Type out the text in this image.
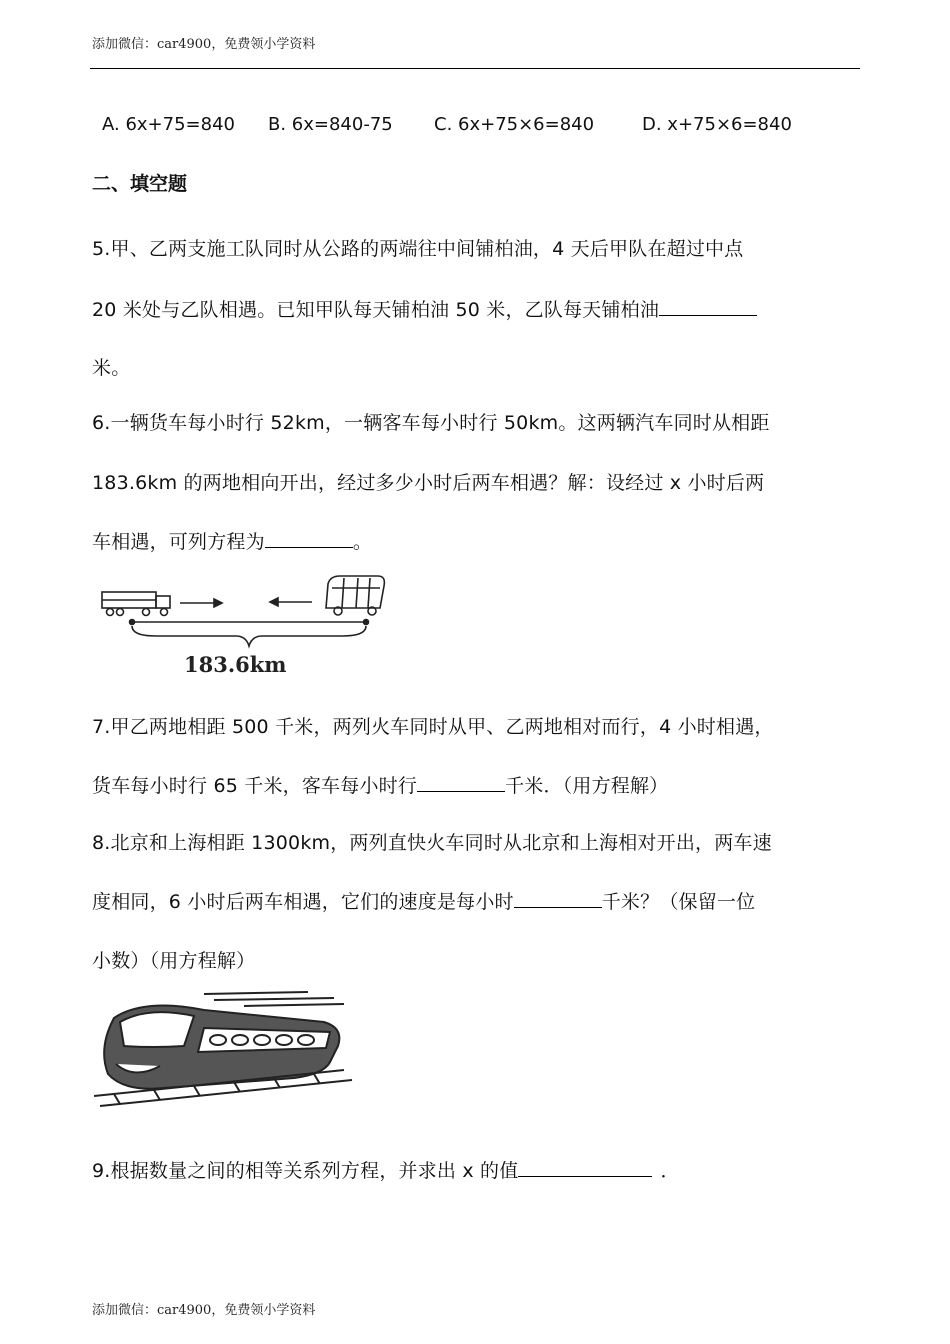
添加微信：car4900，免费领小学资料
A. 6x+75=840 B. 6x=840-75 C. 6x+75×6=840	D. x+75×6=840
二、填空题
5.甲、乙两支施工队同时从公路的两端往中间铺柏油，4 天后甲队在超过中点
20 米处与乙队相遇。已知甲队每天铺柏油 50 米，乙队每天铺柏油
米。
6.一辆货车每小时行 52km，一辆客车每小时行 50km。这两辆汽车同时从相距
183.6km 的两地相向开出，经过多少小时后两车相遇？解：设经过 x 小时后两
车相遇，可列方程为	。
183.6km
7.甲乙两地相距 500 千米，两列火车同时从甲、乙两地相对而行，4 小时相遇，
货车每小时行 65 千米，客车每小时行	千米．（用方程解）
8.北京和上海相距 1300km，两列直快火车同时从北京和上海相对开出，两车速
度相同，6 小时后两车相遇，它们的速度是每小时	千米？（保留一位
小数）（用方程解）
9.根据数量之间的相等关系列方程，并求出 x 的值	．
添加微信：car4900，免费领小学资料
